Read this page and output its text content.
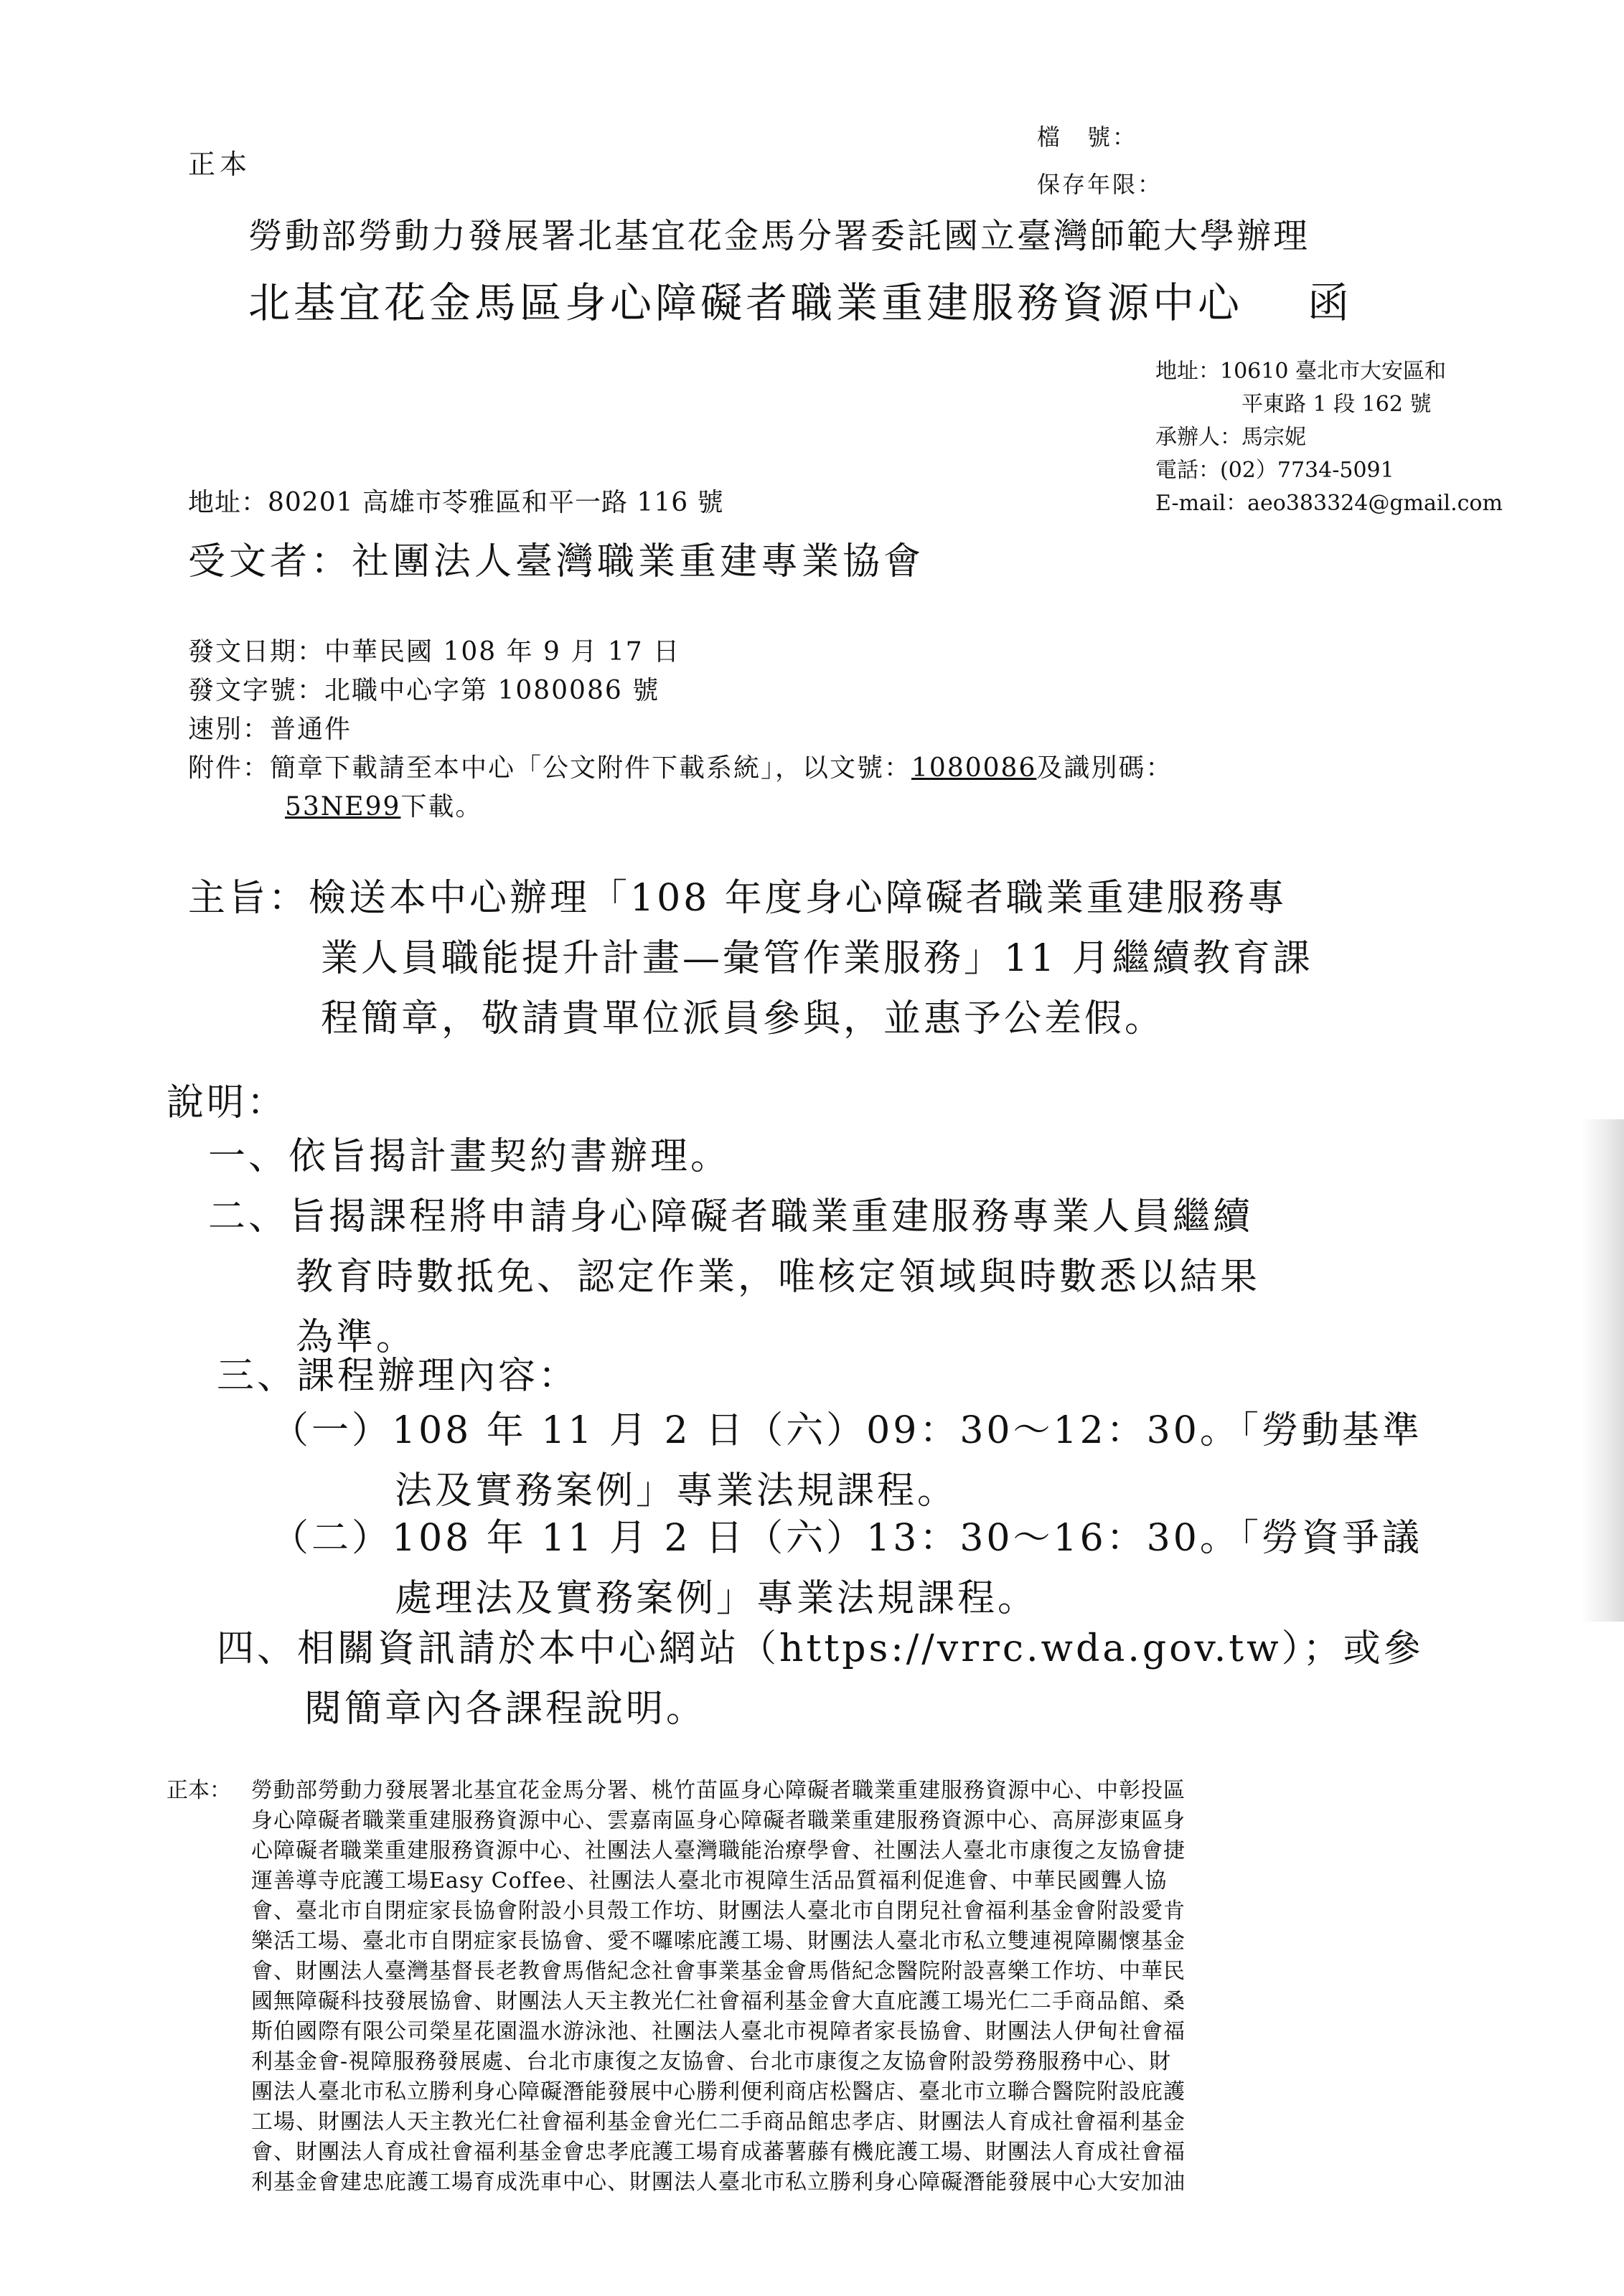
正本
檔　號：
保存年限：
勞動部勞動力發展署北基宜花金馬分署委託國立臺灣師範大學辦理
北基宜花金馬區身心障礙者職業重建服務資源中心 函
地址：10610 臺北市大安區和
平東路 1 段 162 號
承辦人：馬宗妮
電話：(02）7734-5091
E-mail：aeo383324@gmail.com
地址：80201 高雄市苓雅區和平一路 116 號
受文者：社團法人臺灣職業重建專業協會
發文日期：中華民國 108 年 9 月 17 日
發文字號：北職中心字第 1080086 號
速別：普通件
附件：簡章下載請至本中心「公文附件下載系統」，以文號：1080086及識別碼：
53NE99下載。
主旨：檢送本中心辦理「108 年度身心障礙者職業重建服務專
業人員職能提升計畫—彙管作業服務」11 月繼續教育課
程簡章，敬請貴單位派員參與，並惠予公差假。
說明：
一、依旨揭計畫契約書辦理。
二、旨揭課程將申請身心障礙者職業重建服務專業人員繼續
教育時數抵免、認定作業，唯核定領域與時數悉以結果
為準。
三、課程辦理內容：
（一）108 年 11 月 2 日（六）09：30～12：30。「勞動基準
法及實務案例」專業法規課程。
（二）108 年 11 月 2 日（六）13：30～16：30。「勞資爭議
處理法及實務案例」專業法規課程。
四、相關資訊請於本中心網站（https://vrrc.wda.gov.tw）；或參
閱簡章內各課程說明。
正本： 勞動部勞動力發展署北基宜花金馬分署、桃竹苗區身心障礙者職業重建服務資源中心、中彰投區
身心障礙者職業重建服務資源中心、雲嘉南區身心障礙者職業重建服務資源中心、高屏澎東區身
心障礙者職業重建服務資源中心、社團法人臺灣職能治療學會、社團法人臺北市康復之友協會捷
運善導寺庇護工場Easy Coffee、社團法人臺北市視障生活品質福利促進會、中華民國聾人協
會、臺北市自閉症家長協會附設小貝殼工作坊、財團法人臺北市自閉兒社會福利基金會附設愛肯
樂活工場、臺北市自閉症家長協會、愛不囉嗦庇護工場、財團法人臺北市私立雙連視障關懷基金
會、財團法人臺灣基督長老教會馬偕紀念社會事業基金會馬偕紀念醫院附設喜樂工作坊、中華民
國無障礙科技發展協會、財團法人天主教光仁社會福利基金會大直庇護工場光仁二手商品館、桑
斯伯國際有限公司榮星花園溫水游泳池、社團法人臺北市視障者家長協會、財團法人伊甸社會福
利基金會-視障服務發展處、台北市康復之友協會、台北市康復之友協會附設勞務服務中心、財
團法人臺北市私立勝利身心障礙潛能發展中心勝利便利商店松醫店、臺北市立聯合醫院附設庇護
工場、財團法人天主教光仁社會福利基金會光仁二手商品館忠孝店、財團法人育成社會福利基金
會、財團法人育成社會福利基金會忠孝庇護工場育成蕃薯藤有機庇護工場、財團法人育成社會福
利基金會建忠庇護工場育成洗車中心、財團法人臺北市私立勝利身心障礙潛能發展中心大安加油
